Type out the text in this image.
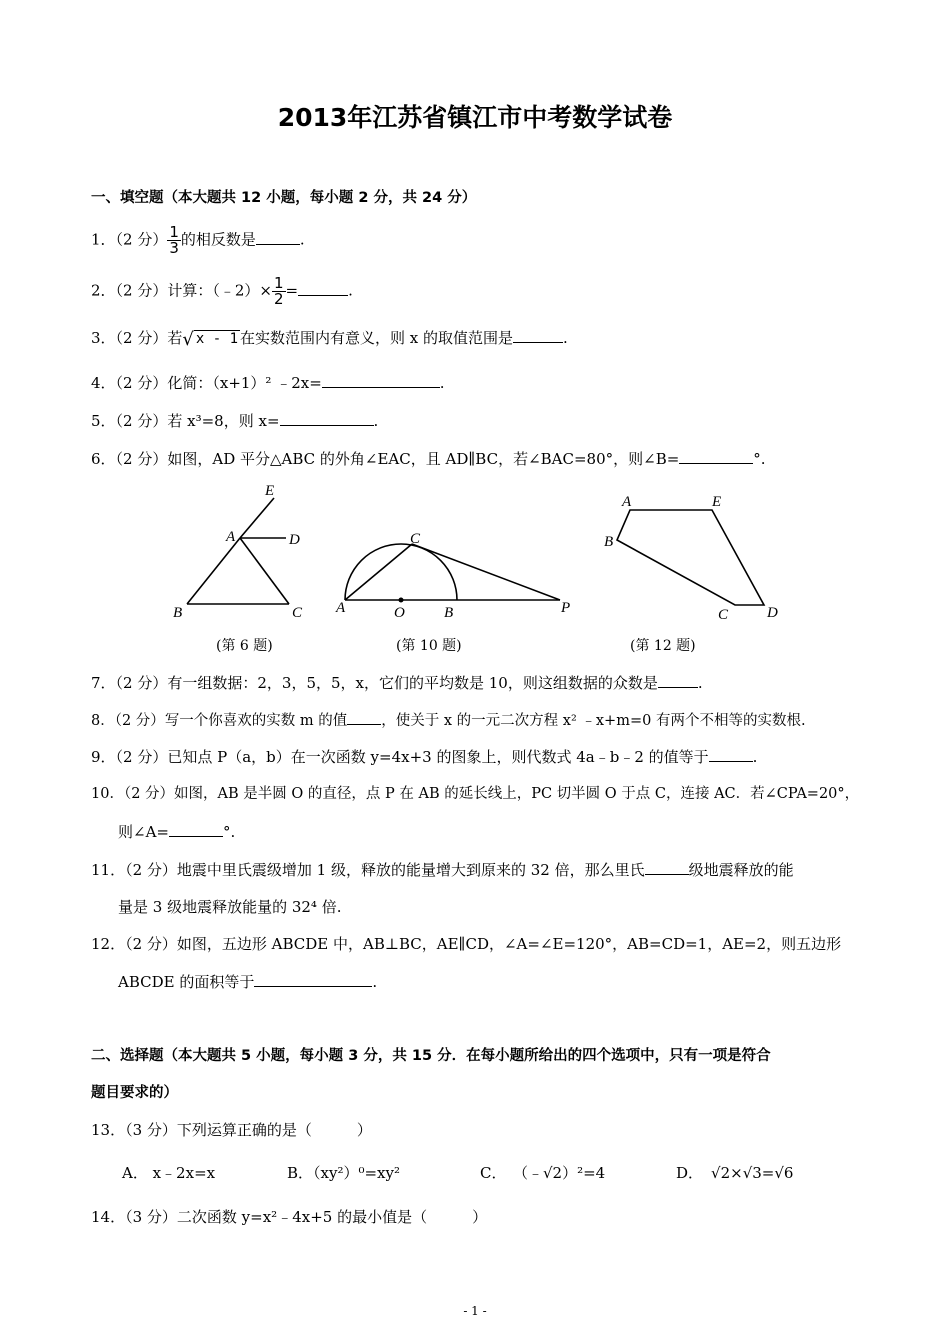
2013年江苏省镇江市中考数学试卷
一、填空题（本大题共 12 小题，每小题 2 分，共 24 分）
1．（2 分） $\frac{1}{3}$ 的相反数是	.
2．（2 分）计算：（﹣2）× $\frac{1}{2}$ =	.
3．（2 分）若√ x - 1 在实数范围内有意义，则 x 的取值范围是	.
4．（2 分）化简：（x+1）² ﹣2x=	.
5．（2 分）若 x³=8，则 x=	.
6．（2 分）如图，AD 平分△ABC 的外角∠EAC，且 AD∥BC，若∠BAC=80°，则∠B=	°.
E
A	D
B	C
C
A	O	B	P
A	E
B
C	D
(第 6 题)	(第 10 题)	(第 12 题)
7．（2 分）有一组数据：2，3，5，5，x，它们的平均数是 10，则这组数据的众数是	.
8．（2 分）写一个你喜欢的实数 m 的值 ，使关于 x 的一元二次方程 x² ﹣x+m=0 有两个不相等的实数根.
9．（2 分）已知点 P（a，b）在一次函数 y=4x+3 的图象上，则代数式 4a﹣b﹣2 的值等于	.
10．（2 分）如图，AB 是半圆 O 的直径，点 P 在 AB 的延长线上，PC 切半圆 O 于点 C，连接 AC．若∠CPA=20°，
则∠A=	°.
11．（2 分）地震中里氏震级增加 1 级，释放的能量增大到原来的 32 倍，那么里氏	级地震释放的能
量是 3 级地震释放能量的 32⁴ 倍.
12．（2 分）如图，五边形 ABCDE 中，AB⊥BC，AE∥CD，∠A=∠E=120°，AB=CD=1，AE=2，则五边形
ABCDE 的面积等于	.
二、选择题（本大题共 5 小题，每小题 3 分，共 15 分．在每小题所给出的四个选项中，只有一项是符合
题目要求的）
13．（3 分）下列运算正确的是（　　　）
A． x﹣2x=x	B．（xy²）⁰=xy²	C． （﹣√2）²=4	D． √2×√3=√6
14．（3 分）二次函数 y=x²﹣4x+5 的最小值是（　　　）
- 1 -
